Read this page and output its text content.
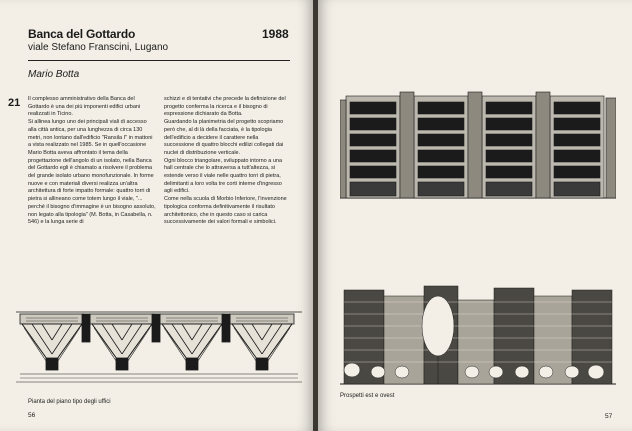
Banca del Gottardo	1988
viale Stefano Franscini, Lugano
Mario Botta
21 Il complesso amministrativo della Banca del Gottardo è una dei più imponenti edifici urbani realizzati in Ticino.

Si allinea lungo uno dei principali viali di accesso alla città antica, per una lunghezza di circa 130 metri, non lontano dall'edificio "Ransila I" in mattoni a vista realizzato nel 1985. Se in quell'occasione Mario Botta aveva affrontato il tema della progettazione dell'angolo di un isolato, nella Banca del Gottardo egli è chiamato a risolvere il problema del grande isolato urbano monofunzionale. In forme nuove e con materiali diversi realizza un'altra architettura di forte impatto formale: quattro torri di pietra si allineano come totem lungo il viale, "... perché il bisogno d'immagine è un bisogno assoluto, non legato alla tipologia" (M. Botta, in Casabella, n. 546) e la lunga serie di

schizzi e di tentativi che precede la definizione del progetto conferma la ricerca e il bisogno di espressione dichiarato da Botta.

Guardando la planimetria del progetto scopriamo però che, al di là della facciata, è la tipologia dell'edificio a decidere il carattere nella successione di quattro blocchi edilizi collegati dai nuclei di distribuzione verticale.

Ogni blocco triangolare, sviluppato intorno a una hall centrale che lo attraversa a tutt'altezza, si estende verso il viale nelle quattro torri di pietra, delimitanti a loro volta tre corti interne d'ingresso agli edifici.

Come nella scuola di Morbio Inferiore, l'invenzione tipologica conforma definitivamente il risultato architettonico, che in questo caso si carica successivamente dei valori formali e simbolici.

Pianta del piano tipo degli uffici
56
Prospetti est e ovest
57
